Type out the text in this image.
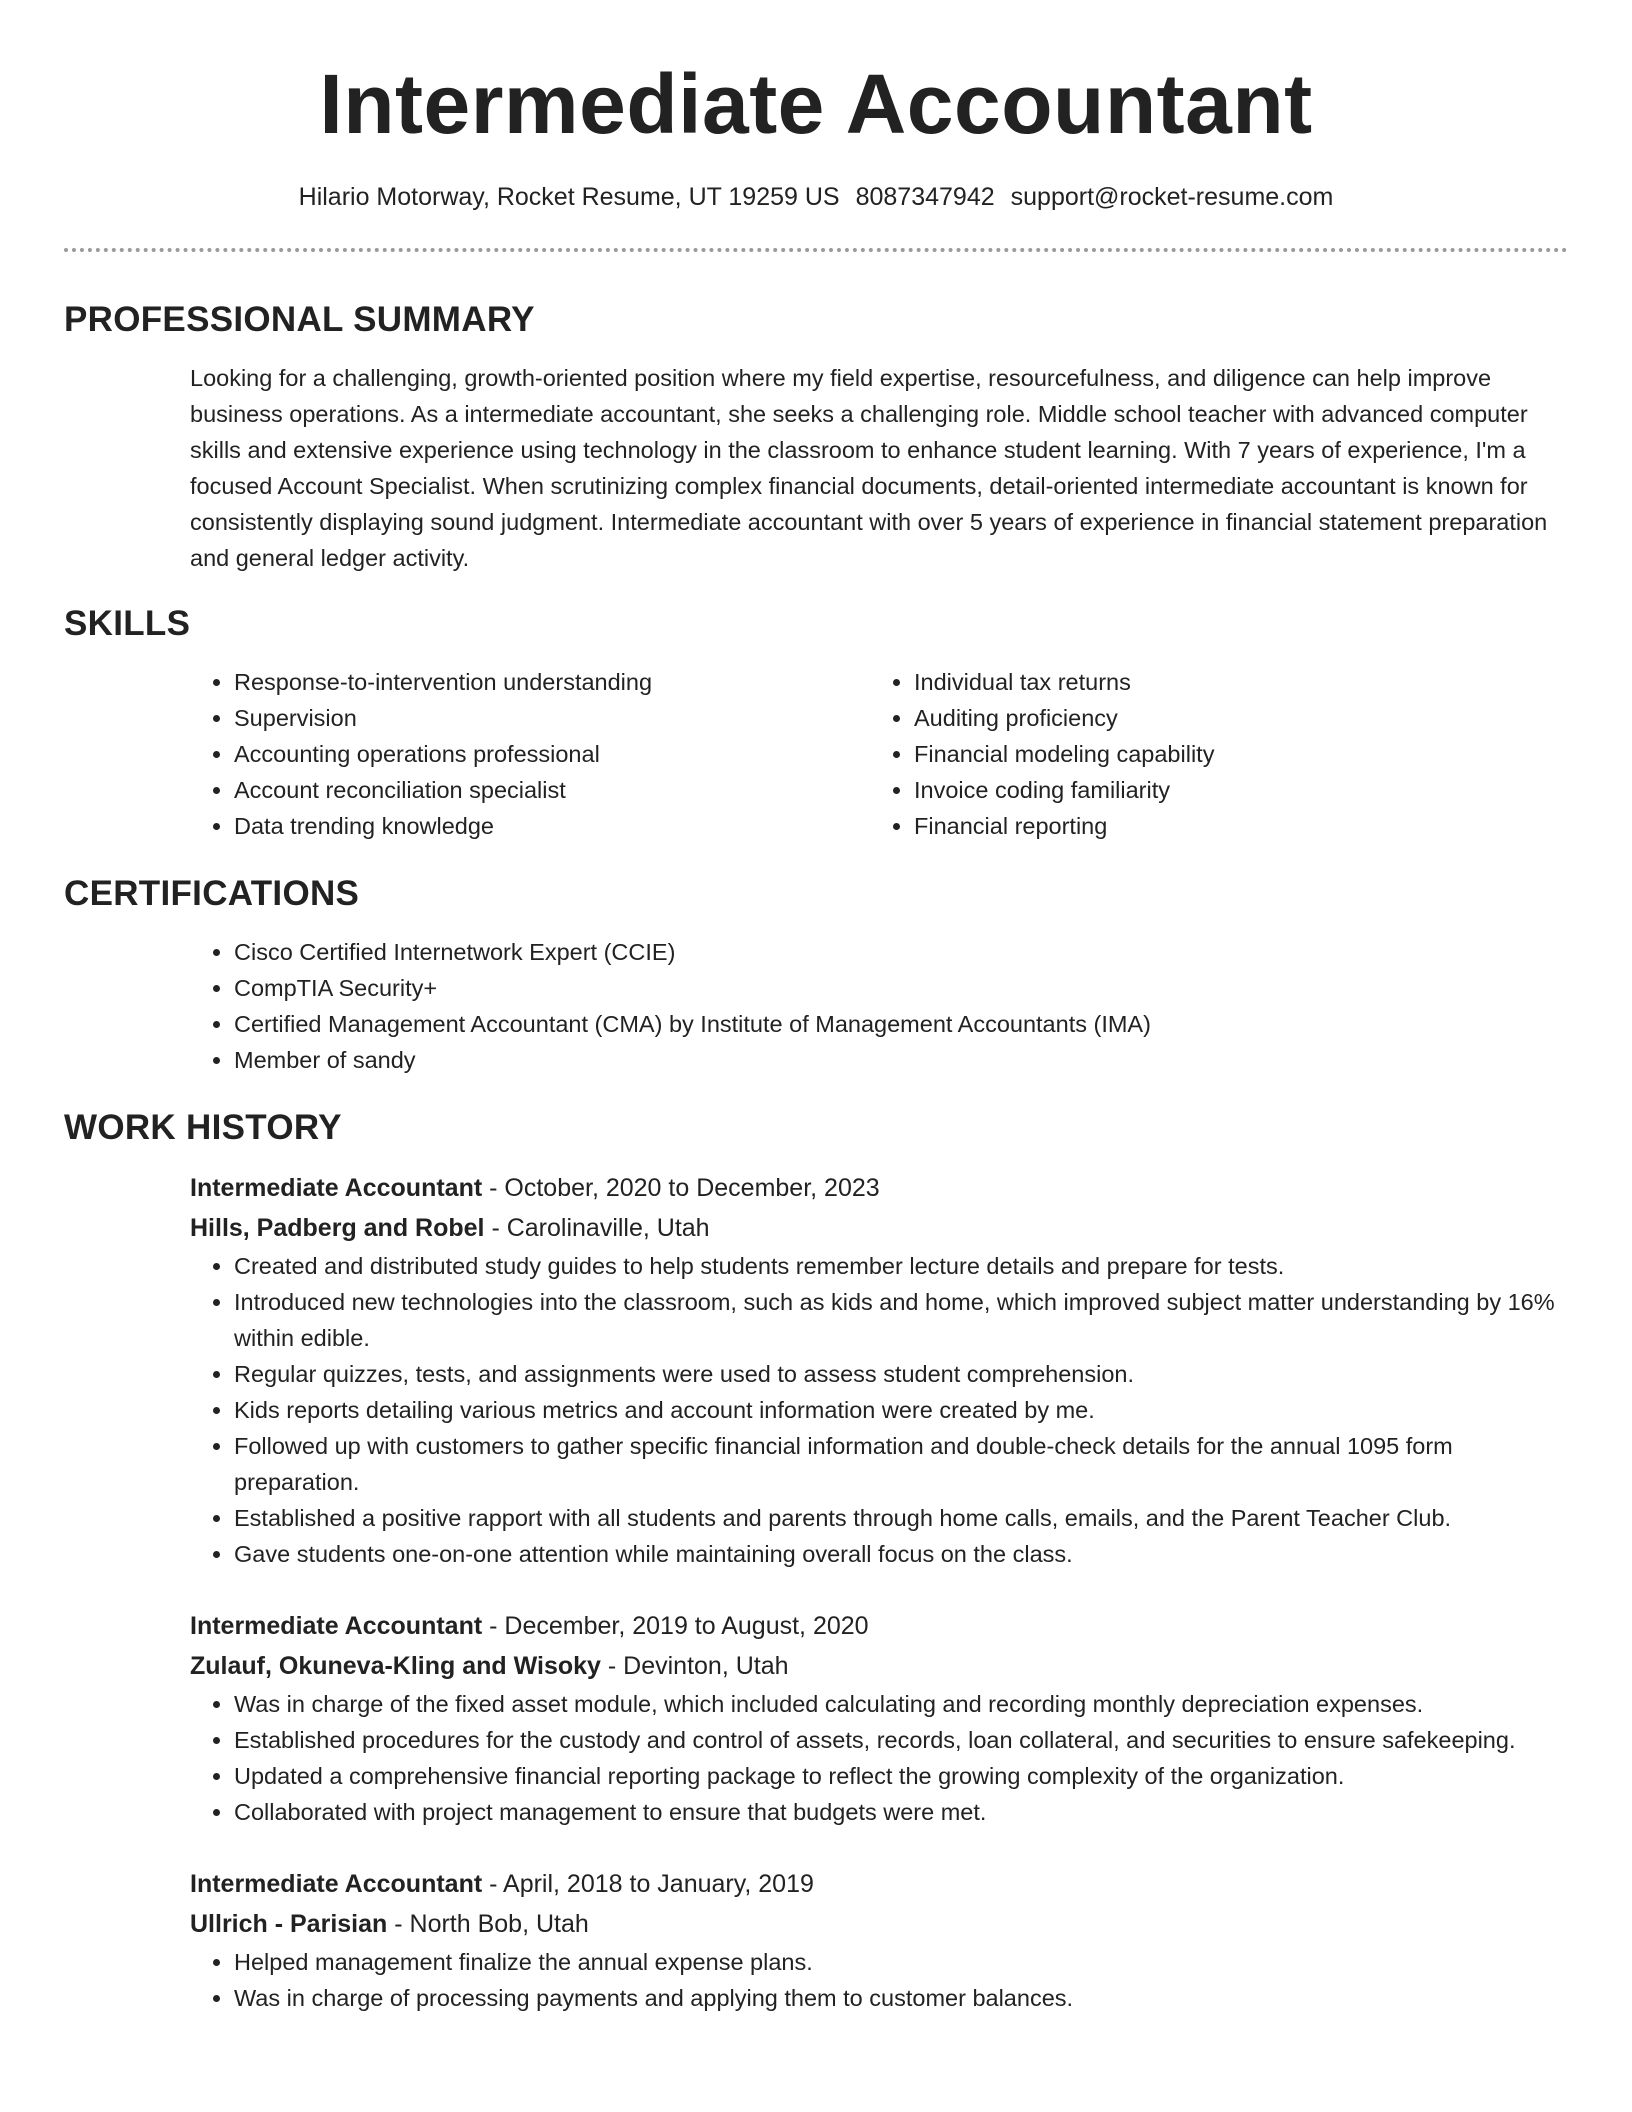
Intermediate Accountant
Hilario Motorway, Rocket Resume, UT 19259 US 8087347942 support@rocket-resume.com
PROFESSIONAL SUMMARY
Looking for a challenging, growth-oriented position where my field expertise, resourcefulness, and diligence can help improve business operations. As a intermediate accountant, she seeks a challenging role. Middle school teacher with advanced computer skills and extensive experience using technology in the classroom to enhance student learning. With 7 years of experience, I'm a focused Account Specialist. When scrutinizing complex financial documents, detail-oriented intermediate accountant is known for consistently displaying sound judgment. Intermediate accountant with over 5 years of experience in financial statement preparation and general ledger activity.
SKILLS
• Response-to-intervention understanding
• Supervision
• Accounting operations professional
• Account reconciliation specialist
• Data trending knowledge
• Individual tax returns
• Auditing proficiency
• Financial modeling capability
• Invoice coding familiarity
• Financial reporting
CERTIFICATIONS
• Cisco Certified Internetwork Expert (CCIE)
• CompTIA Security+
• Certified Management Accountant (CMA) by Institute of Management Accountants (IMA)
• Member of sandy
WORK HISTORY
Intermediate Accountant - October, 2020 to December, 2023
Hills, Padberg and Robel - Carolinaville, Utah
• Created and distributed study guides to help students remember lecture details and prepare for tests.
• Introduced new technologies into the classroom, such as kids and home, which improved subject matter understanding by 16% within edible.
• Regular quizzes, tests, and assignments were used to assess student comprehension.
• Kids reports detailing various metrics and account information were created by me.
• Followed up with customers to gather specific financial information and double-check details for the annual 1095 form preparation.
• Established a positive rapport with all students and parents through home calls, emails, and the Parent Teacher Club.
• Gave students one-on-one attention while maintaining overall focus on the class.
Intermediate Accountant - December, 2019 to August, 2020
Zulauf, Okuneva-Kling and Wisoky - Devinton, Utah
• Was in charge of the fixed asset module, which included calculating and recording monthly depreciation expenses.
• Established procedures for the custody and control of assets, records, loan collateral, and securities to ensure safekeeping.
• Updated a comprehensive financial reporting package to reflect the growing complexity of the organization.
• Collaborated with project management to ensure that budgets were met.
Intermediate Accountant - April, 2018 to January, 2019
Ullrich - Parisian - North Bob, Utah
• Helped management finalize the annual expense plans.
• Was in charge of processing payments and applying them to customer balances.
